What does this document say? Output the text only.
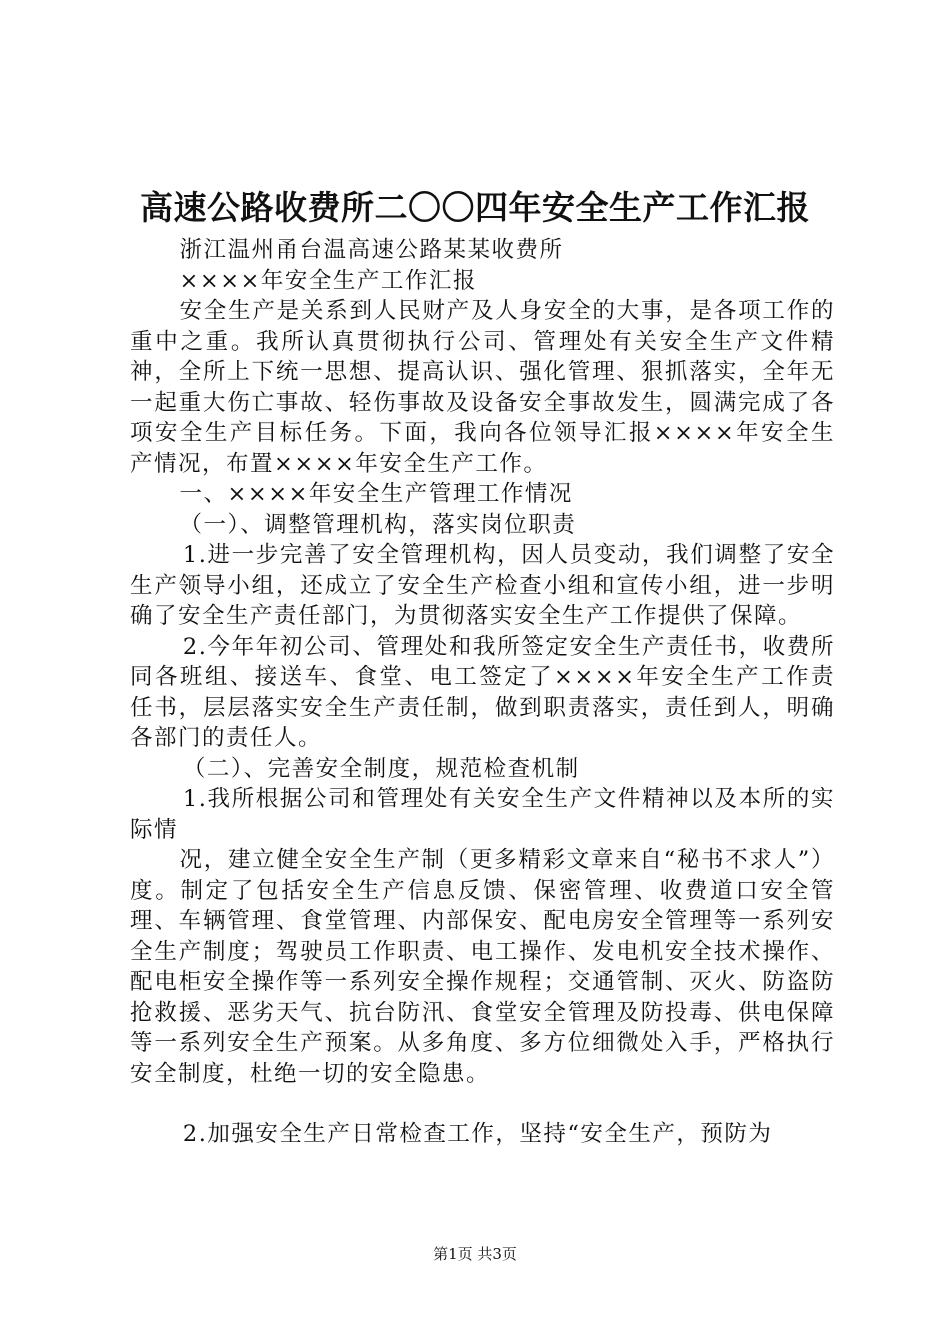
高速公路收费所二〇〇四年安全生产工作汇报

浙江温州甬台温高速公路某某收费所

××××年安全生产工作汇报

安全生产是关系到人民财产及人身安全的大事，是各项工作的重中之重。我所认真贯彻执行公司、管理处有关安全生产文件精神，全所上下统一思想、提高认识、强化管理、狠抓落实，全年无一起重大伤亡事故、轻伤事故及设备安全事故发生，圆满完成了各项安全生产目标任务。下面，我向各位领导汇报××××年安全生产情况，布置××××年安全生产工作。

一、××××年安全生产管理工作情况

（一）、调整管理机构，落实岗位职责

1.进一步完善了安全管理机构，因人员变动，我们调整了安全生产领导小组，还成立了安全生产检查小组和宣传小组，进一步明确了安全生产责任部门，为贯彻落实安全生产工作提供了保障。

2.今年年初公司、管理处和我所签定安全生产责任书，收费所同各班组、接送车、食堂、电工签定了××××年安全生产工作责任书，层层落实安全生产责任制，做到职责落实，责任到人，明确各部门的责任人。

（二）、完善安全制度，规范检查机制

1.我所根据公司和管理处有关安全生产文件精神以及本所的实际情

况，建立健全安全生产制（更多精彩文章来自“秘书不求人”）度。制定了包括安全生产信息反馈、保密管理、收费道口安全管理、车辆管理、食堂管理、内部保安、配电房安全管理等一系列安全生产制度；驾驶员工作职责、电工操作、发电机安全技术操作、配电柜安全操作等一系列安全操作规程；交通管制、灭火、防盗防抢救援、恶劣天气、抗台防汛、食堂安全管理及防投毒、供电保障等一系列安全生产预案。从多角度、多方位细微处入手，严格执行安全制度，杜绝一切的安全隐患。

2.加强安全生产日常检查工作，坚持“安全生产，预防为

第1页 共3页
